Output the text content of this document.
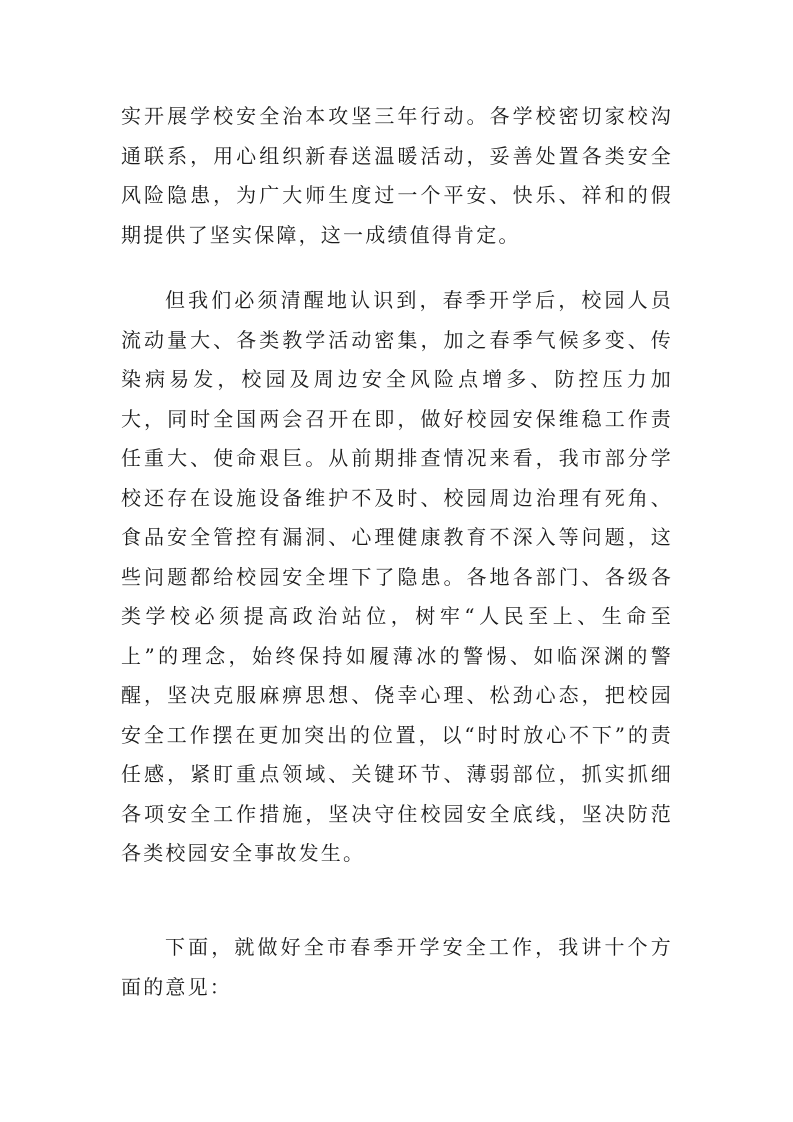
实开展学校安全治本攻坚三年行动。各学校密切家校沟通联系，用心组织新春送温暖活动，妥善处置各类安全风险隐患，为广大师生度过一个平安、快乐、祥和的假期提供了坚实保障，这一成绩值得肯定。

但我们必须清醒地认识到，春季开学后，校园人员流动量大、各类教学活动密集，加之春季气候多变、传染病易发，校园及周边安全风险点增多、防控压力加大，同时全国两会召开在即，做好校园安保维稳工作责任重大、使命艰巨。从前期排查情况来看，我市部分学校还存在设施设备维护不及时、校园周边治理有死角、食品安全管控有漏洞、心理健康教育不深入等问题，这些问题都给校园安全埋下了隐患。各地各部门、各级各类学校必须提高政治站位，树牢“人民至上、生命至上”的理念，始终保持如履薄冰的警惕、如临深渊的警醒，坚决克服麻痹思想、侥幸心理、松劲心态，把校园安全工作摆在更加突出的位置，以“时时放心不下”的责任感，紧盯重点领域、关键环节、薄弱部位，抓实抓细各项安全工作措施，坚决守住校园安全底线，坚决防范各类校园安全事故发生。

下面，就做好全市春季开学安全工作，我讲十个方面的意见：
